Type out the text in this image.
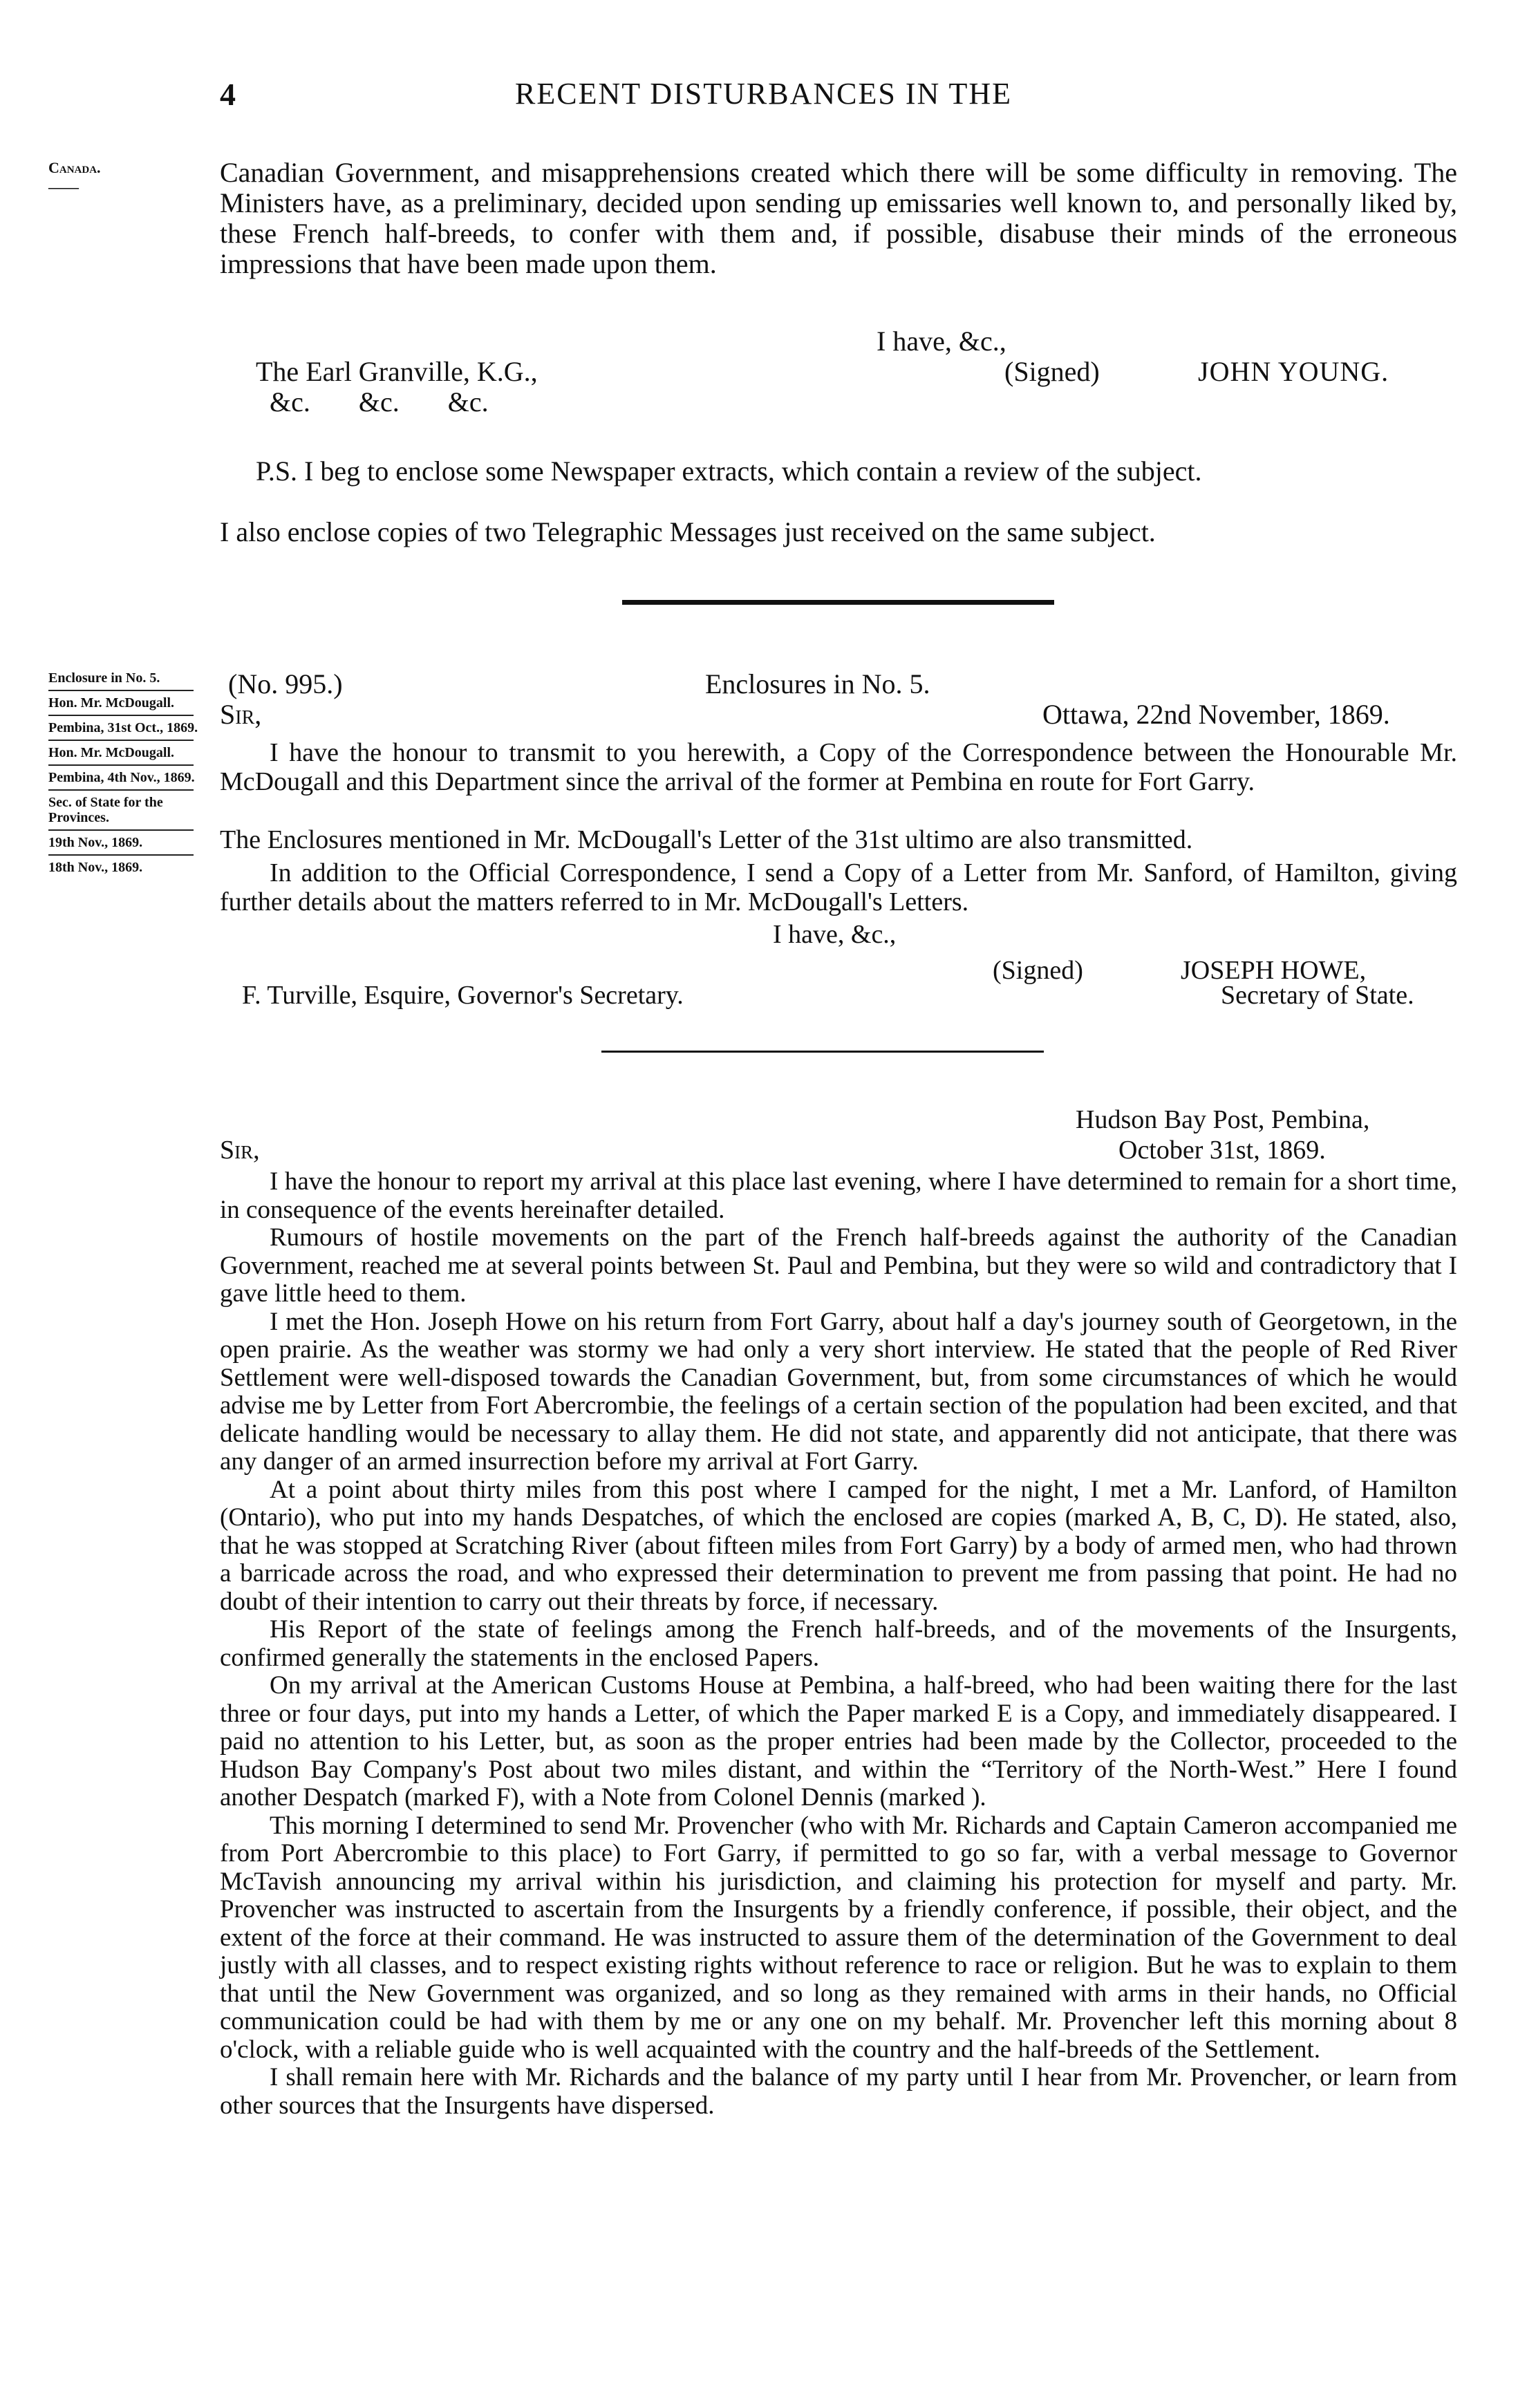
4	RECENT DISTURBANCES IN THE
Canada.
——	Canadian Government, and misapprehensions created which there will be some difficulty in removing. The Ministers have, as a preliminary, decided upon sending up emissaries well known to, and personally liked by, these French half-breeds, to confer with them and, if possible, disabuse their minds of the erroneous impressions that have been made upon them.
I have, &c.,
The Earl Granville, K.G.,	(Signed)	JOHN YOUNG.
&c.       &c.       &c.
P.S. I beg to enclose some Newspaper extracts, which contain a review of the subject.

I also enclose copies of two Telegraphic Messages just received on the same subject.

Enclosure in No. 5.
Hon. Mr. McDougall.
Pembina, 31st Oct., 1869.
Hon. Mr. McDougall.
Pembina, 4th Nov., 1869.
Sec. of State for the Provinces.
19th Nov., 1869.
18th Nov., 1869.
(No. 995.)	Enclosures in No. 5.
Sir,	Ottawa, 22nd November, 1869.
I have the honour to transmit to you herewith, a Copy of the Correspondence between the Honourable Mr. McDougall and this Department since the arrival of the former at Pembina en route for Fort Garry.
The Enclosures mentioned in Mr. McDougall's Letter of the 31st ultimo are also transmitted.
In addition to the Official Correspondence, I send a Copy of a Letter from Mr. Sanford, of Hamilton, giving further details about the matters referred to in Mr. McDougall's Letters.
I have, &c.,
(Signed)	JOSEPH HOWE,
F. Turville, Esquire, Governor's Secretary.	Secretary of State.
Hudson Bay Post, Pembina,
Sir,	October 31st, 1869.

I have the honour to report my arrival at this place last evening, where I have determined to remain for a short time, in consequence of the events hereinafter detailed.

Rumours of hostile movements on the part of the French half-breeds against the authority of the Canadian Government, reached me at several points between St. Paul and Pembina, but they were so wild and contradictory that I gave little heed to them.

I met the Hon. Joseph Howe on his return from Fort Garry, about half a day's journey south of Georgetown, in the open prairie. As the weather was stormy we had only a very short interview. He stated that the people of Red River Settlement were well-disposed towards the Canadian Government, but, from some circumstances of which he would advise me by Letter from Fort Abercrombie, the feelings of a certain section of the population had been excited, and that delicate handling would be necessary to allay them. He did not state, and apparently did not anticipate, that there was any danger of an armed insurrection before my arrival at Fort Garry.

At a point about thirty miles from this post where I camped for the night, I met a Mr. Lanford, of Hamilton (Ontario), who put into my hands Despatches, of which the enclosed are copies (marked A, B, C, D). He stated, also, that he was stopped at Scratching River (about fifteen miles from Fort Garry) by a body of armed men, who had thrown a barricade across the road, and who expressed their determination to prevent me from passing that point. He had no doubt of their intention to carry out their threats by force, if necessary.

His Report of the state of feelings among the French half-breeds, and of the movements of the Insurgents, confirmed generally the statements in the enclosed Papers.

On my arrival at the American Customs House at Pembina, a half-breed, who had been waiting there for the last three or four days, put into my hands a Letter, of which the Paper marked E is a Copy, and immediately disappeared. I paid no attention to his Letter, but, as soon as the proper entries had been made by the Collector, proceeded to the Hudson Bay Company's Post about two miles distant, and within the “Territory of the North-West.” Here I found another Despatch (marked F), with a Note from Colonel Dennis (marked ).

This morning I determined to send Mr. Provencher (who with Mr. Richards and Captain Cameron accompanied me from Port Abercrombie to this place) to Fort Garry, if permitted to go so far, with a verbal message to Governor McTavish announcing my arrival within his jurisdiction, and claiming his protection for myself and party. Mr. Provencher was instructed to ascertain from the Insurgents by a friendly conference, if possible, their object, and the extent of the force at their command. He was instructed to assure them of the determination of the Government to deal justly with all classes, and to respect existing rights without reference to race or religion. But he was to explain to them that until the New Government was organized, and so long as they remained with arms in their hands, no Official communication could be had with them by me or any one on my behalf. Mr. Provencher left this morning about 8 o'clock, with a reliable guide who is well acquainted with the country and the half-breeds of the Settlement.

I shall remain here with Mr. Richards and the balance of my party until I hear from Mr. Provencher, or learn from other sources that the Insurgents have dispersed.
